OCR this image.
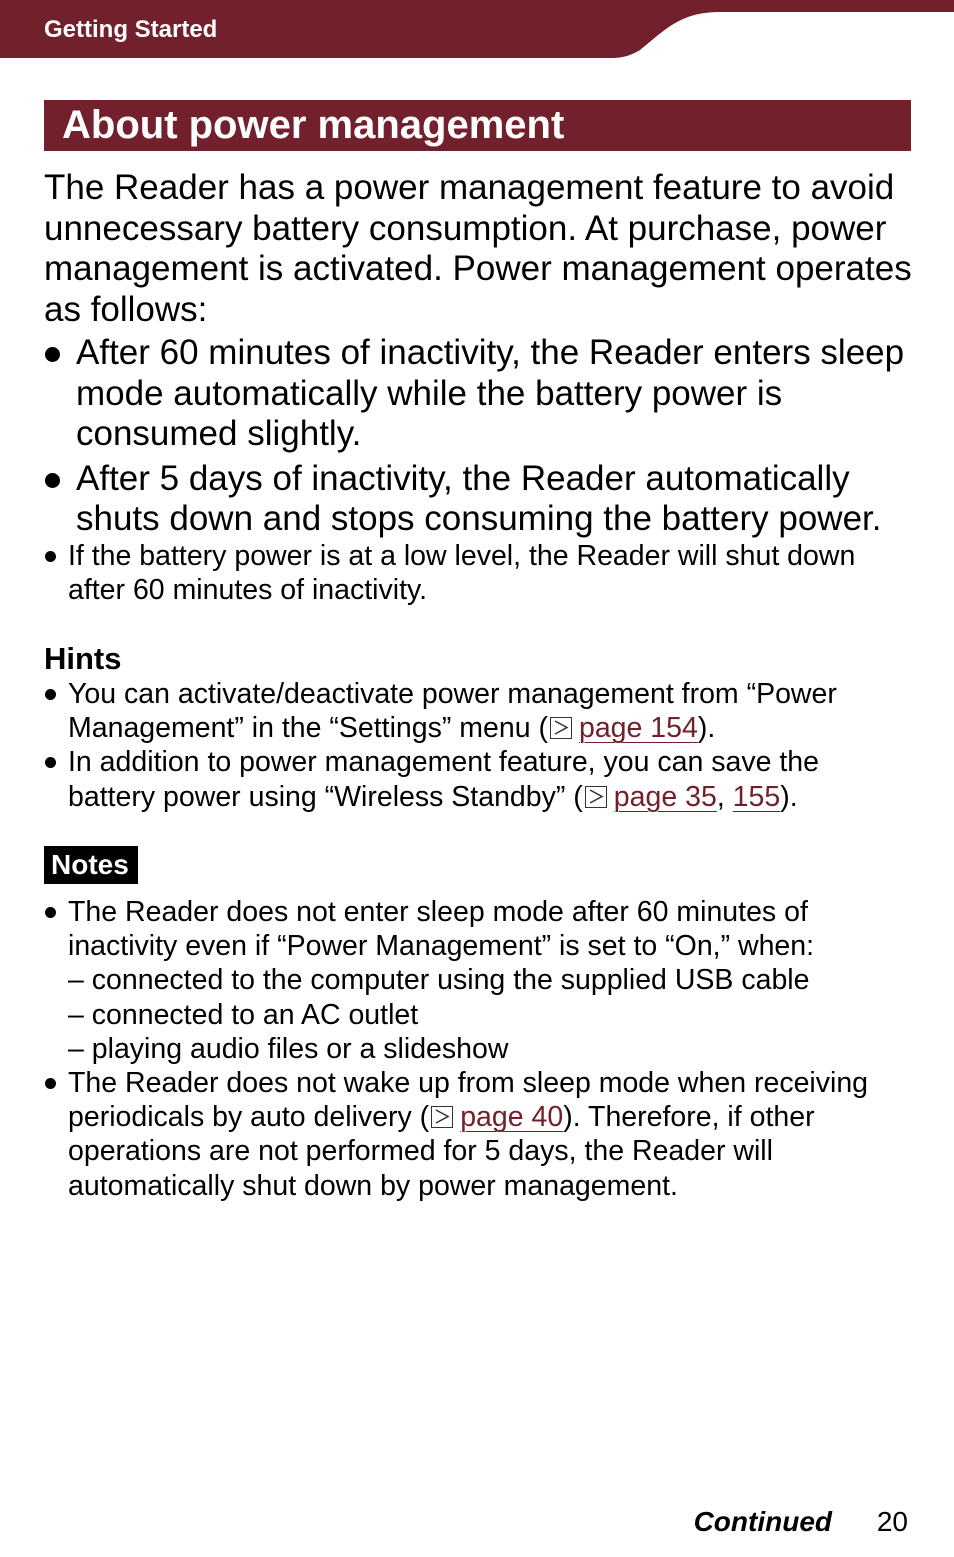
Getting Started
About power management

The Reader has a power management feature to avoid unnecessary battery consumption. At purchase, power management is activated. Power management operates as follows:

After 60 minutes of inactivity, the Reader enters sleep mode automatically while the battery power is consumed slightly.
After 5 days of inactivity, the Reader automatically shuts down and stops consuming the battery power.
If the battery power is at a low level, the Reader will shut down after 60 minutes of inactivity.
Hints
You can activate/deactivate power management from “Power Management” in the “Settings” menu ( page 154).
In addition to power management feature, you can save the battery power using “Wireless Standby” ( page 35, 155).
Notes
The Reader does not enter sleep mode after 60 minutes of inactivity even if “Power Management” is set to “On,” when:
– connected to the computer using the supplied USB cable
– connected to an AC outlet
– playing audio files or a slideshow
The Reader does not wake up from sleep mode when receiving periodicals by auto delivery ( page 40). Therefore, if other operations are not performed for 5 days, the Reader will automatically shut down by power management.
Continued 20
